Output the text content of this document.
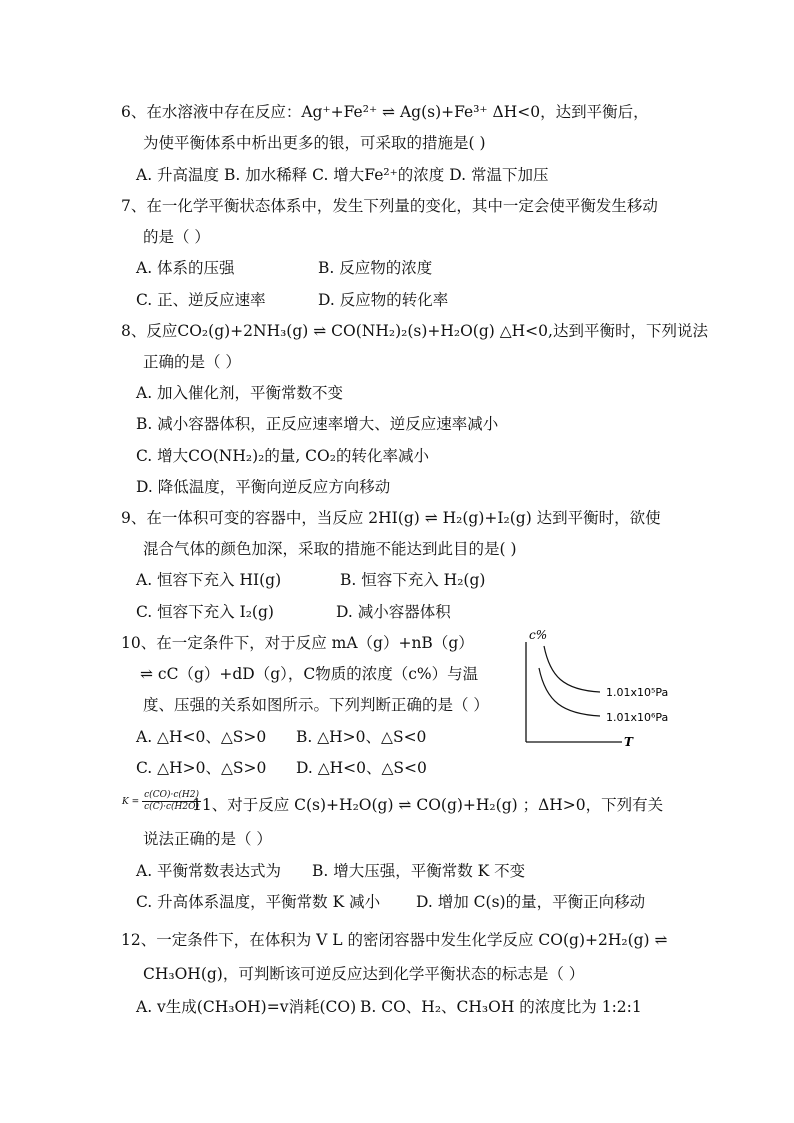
6、在水溶液中存在反应：Ag⁺+Fe²⁺ ⇌ Ag(s)+Fe³⁺ ΔH<0，达到平衡后，
为使平衡体系中析出更多的银，可采取的措施是( )
A. 升高温度 B. 加水稀释 C. 增大Fe²⁺的浓度 D. 常温下加压
7、在一化学平衡状态体系中，发生下列量的变化，其中一定会使平衡发生移动
的是（ ）
A. 体系的压强	B. 反应物的浓度
C. 正、逆反应速率	D. 反应物的转化率
8、反应CO₂(g)+2NH₃(g) ⇌ CO(NH₂)₂(s)+H₂O(g) △H<0,达到平衡时，下列说法
正确的是（ ）
A. 加入催化剂，平衡常数不变
B. 减小容器体积，正反应速率增大、逆反应速率减小
C. 增大CO(NH₂)₂的量, CO₂的转化率减小
D. 降低温度，平衡向逆反应方向移动
9、在一体积可变的容器中，当反应 2HI(g) ⇌ H₂(g)+I₂(g) 达到平衡时，欲使
混合气体的颜色加深，采取的措施不能达到此目的是( )
A. 恒容下充入 HI(g)	B. 恒容下充入 H₂(g)
C. 恒容下充入 I₂(g)	D. 减小容器体积
10、在一定条件下，对于反应 mA（g）+nB（g）
⇌ cC（g）+dD（g），C物质的浓度（c%）与温
度、压强的关系如图所示。下列判断正确的是（ ）
A. △H<0、△S>0 B. △H>0、△S<0
C. △H>0、△S>0 D. △H<0、△S<0
c%
1.01x10⁵Pa
1.01x10⁶Pa
T
$K = \frac{c(CO)\cdot c(H2)}{c(C)\cdot c(H2O)}$
11、对于反应 C(s)+H₂O(g) ⇌ CO(g)+H₂(g) ；ΔH>0，下列有关
说法正确的是（ ）
A. 平衡常数表达式为 B. 增大压强，平衡常数 K 不变
C. 升高体系温度，平衡常数 K 减小 D. 增加 C(s)的量，平衡正向移动
12、一定条件下，在体积为 V L 的密闭容器中发生化学反应 CO(g)+2H₂(g) ⇌
CH₃OH(g)，可判断该可逆反应达到化学平衡状态的标志是（ ）
A. v生成(CH₃OH)=v消耗(CO) B. CO、H₂、CH₃OH 的浓度比为 1:2:1
